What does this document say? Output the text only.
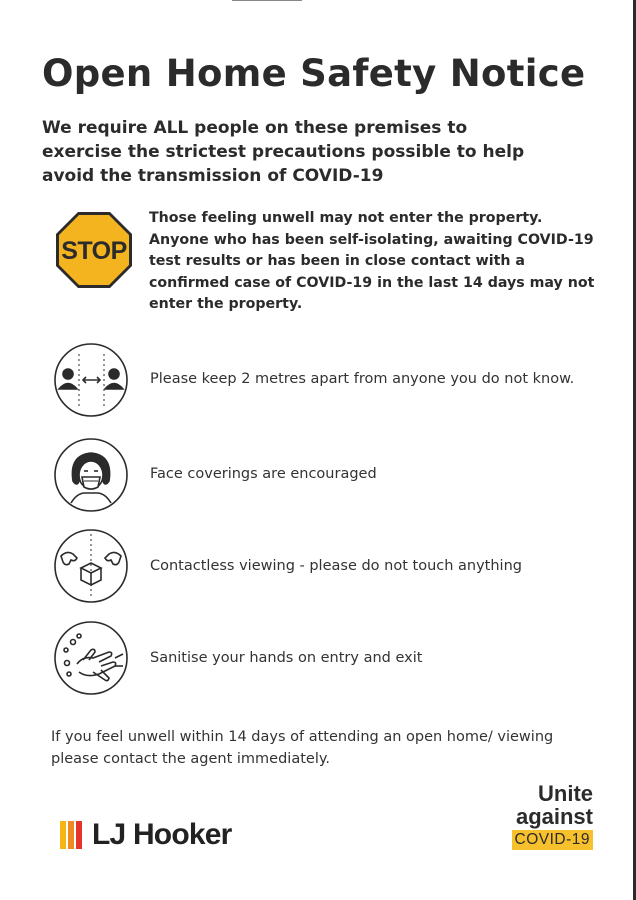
Open Home Safety Notice

We require ALL people on these premises to exercise the strictest precautions possible to help avoid the transmission of COVID-19

STOP

Those feeling unwell may not enter the property. Anyone who has been self-isolating, awaiting COVID-19 test results or has been in close contact with a confirmed case of COVID-19 in the last 14 days may not enter the property.

Please keep 2 metres apart from anyone you do not know.

Face coverings are encouraged

Contactless viewing - please do not touch anything

Sanitise your hands on entry and exit

If you feel unwell within 14 days of attending an open home/ viewing please contact the agent immediately.

LJ Hooker
Unite
against
COVID-19
